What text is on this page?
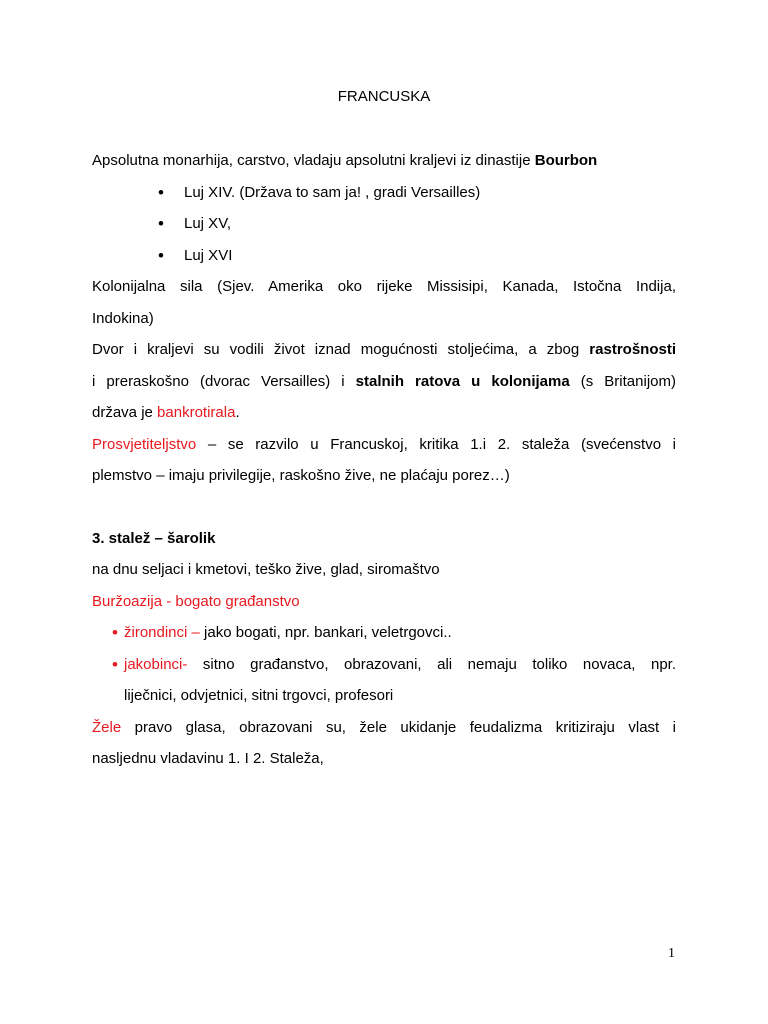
FRANCUSKA

Apsolutna monarhija, carstvo, vladaju apsolutni kraljevi iz dinastije Bourbon

• Luj XIV. (Država to sam ja! , gradi Versailles)
• Luj XV,
• Luj XVI

Kolonijalna sila (Sjev. Amerika oko rijeke Missisipi, Kanada, Istočna Indija,

Indokina)

Dvor i kraljevi su vodili život iznad mogućnosti stoljećima, a zbog rastrošnosti

i preraskošno (dvorac Versailles) i stalnih ratova u kolonijama (s Britanijom)

država je bankrotirala.

Prosvjetiteljstvo – se razvilo u Francuskoj, kritika 1.i 2. staleža (svećenstvo i

plemstvo – imaju privilegije, raskošno žive, ne plaćaju porez…)

3. stalež – šarolik

na dnu seljaci i kmetovi, teško žive, glad, siromaštvo

Buržoazija - bogato građanstvo

• žirondinci – jako bogati, npr. bankari, veletrgovci..
• jakobinci- sitno građanstvo, obrazovani, ali nemaju toliko novaca, npr.
liječnici, odvjetnici, sitni trgovci, profesori

Žele pravo glasa, obrazovani su, žele ukidanje feudalizma kritiziraju vlast i

nasljednu vladavinu 1. I 2. Staleža,

1
